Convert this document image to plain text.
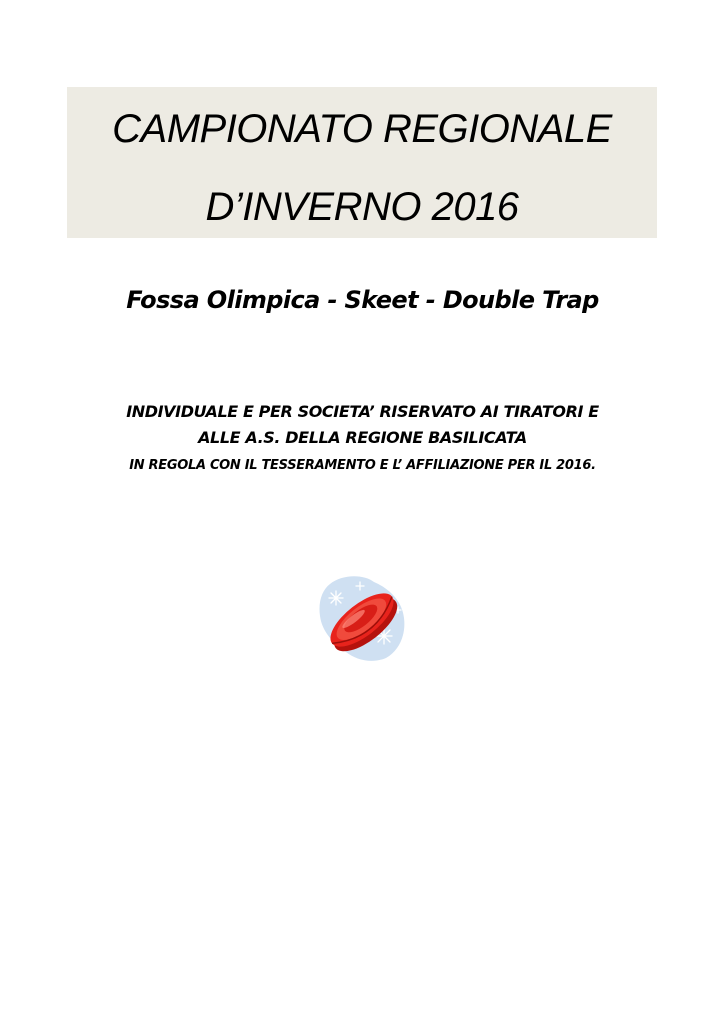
CAMPIONATO REGIONALE
D’INVERNO 2016
Fossa Olimpica - Skeet - Double Trap
INDIVIDUALE E PER SOCIETA’ RISERVATO AI TIRATORI E
ALLE A.S. DELLA REGIONE BASILICATA
IN REGOLA CON IL TESSERAMENTO E L’ AFFILIAZIONE PER IL 2016.
